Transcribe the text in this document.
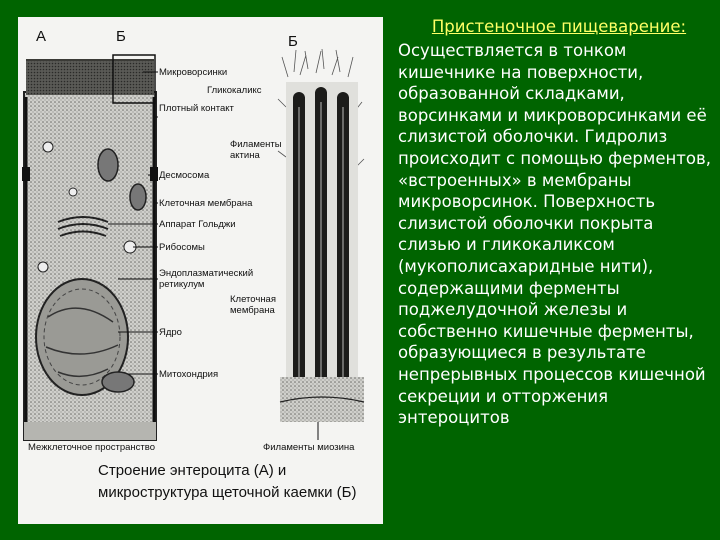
А	Б	Б
Микроворсинки
Гликокаликс
Плотный контакт
Филаменты актина
Десмосома
Клеточная мембрана
Аппарат Гольджи
Рибосомы
Эндоплазматический ретикулум
Клеточная мембрана
Ядро
Митохондрия
Межклеточное пространство	Филаменты миозина
Строение энтероцита (А) и микроструктура щеточной каемки (Б)
Пристеночное пищеварение:
Осуществляется в тонком кишечнике на поверхности, образованной складками, ворсинками и микроворсинками её слизистой оболочки. Гидролиз происходит с помощью ферментов, «встроенных» в мембраны микроворсинок. Поверхность слизистой оболочки покрыта слизью и гликокаликсом (мукополисахаридные нити), содержащими ферменты поджелудочной железы и собственно кишечные ферменты, образующиеся в результате непрерывных процессов кишечной секреции и отторжения энтероцитов
